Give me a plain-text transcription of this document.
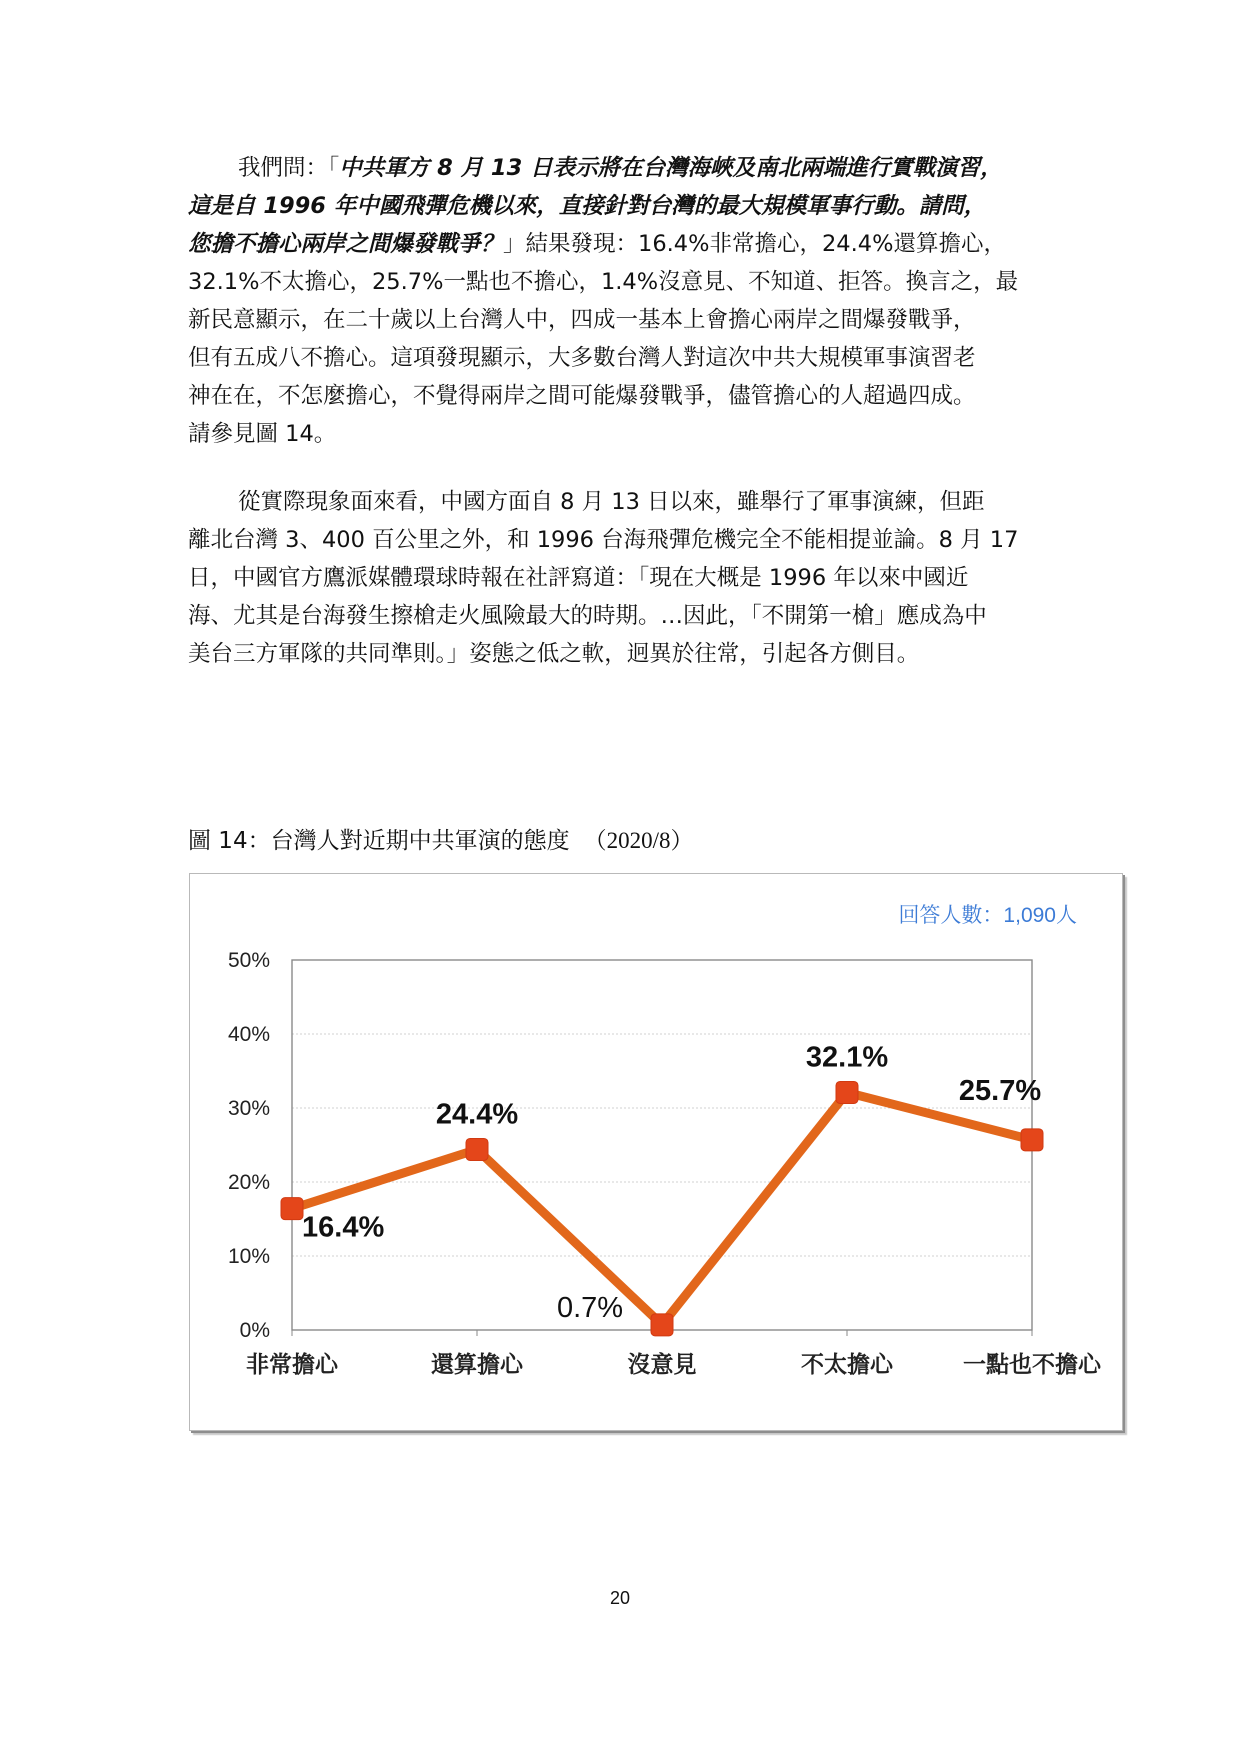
我們問：「中共軍方 8 月 13 日表示將在台灣海峽及南北兩端進行實戰演習，
這是自 1996 年中國飛彈危機以來，直接針對台灣的最大規模軍事行動。請問，
您擔不擔心兩岸之間爆發戰爭？」結果發現：16.4%非常擔心，24.4%還算擔心，
32.1%不太擔心，25.7%一點也不擔心，1.4%沒意見、不知道、拒答。換言之，最
新民意顯示，在二十歲以上台灣人中，四成一基本上會擔心兩岸之間爆發戰爭，
但有五成八不擔心。這項發現顯示，大多數台灣人對這次中共大規模軍事演習老
神在在，不怎麼擔心，不覺得兩岸之間可能爆發戰爭，儘管擔心的人超過四成。
請參見圖 14。
從實際現象面來看，中國方面自 8 月 13 日以來，雖舉行了軍事演練，但距
離北台灣 3、400 百公里之外，和 1996 台海飛彈危機完全不能相提並論。8 月 17
日，中國官方鷹派媒體環球時報在社評寫道：「現在大概是 1996 年以來中國近
海、尤其是台海發生擦槍走火風險最大的時期。…因此，「不開第一槍」應成為中
美台三方軍隊的共同準則。」姿態之低之軟，迥異於往常，引起各方側目。
圖 14：台灣人對近期中共軍演的態度 （2020/8）
回答人數：1,090人
0%
10%
20%
30%
40%
50%
非常擔心	還算擔心	沒意見	不太擔心	一點也不擔心
16.4%
24.4%
0.7%
32.1%
25.7%
20
